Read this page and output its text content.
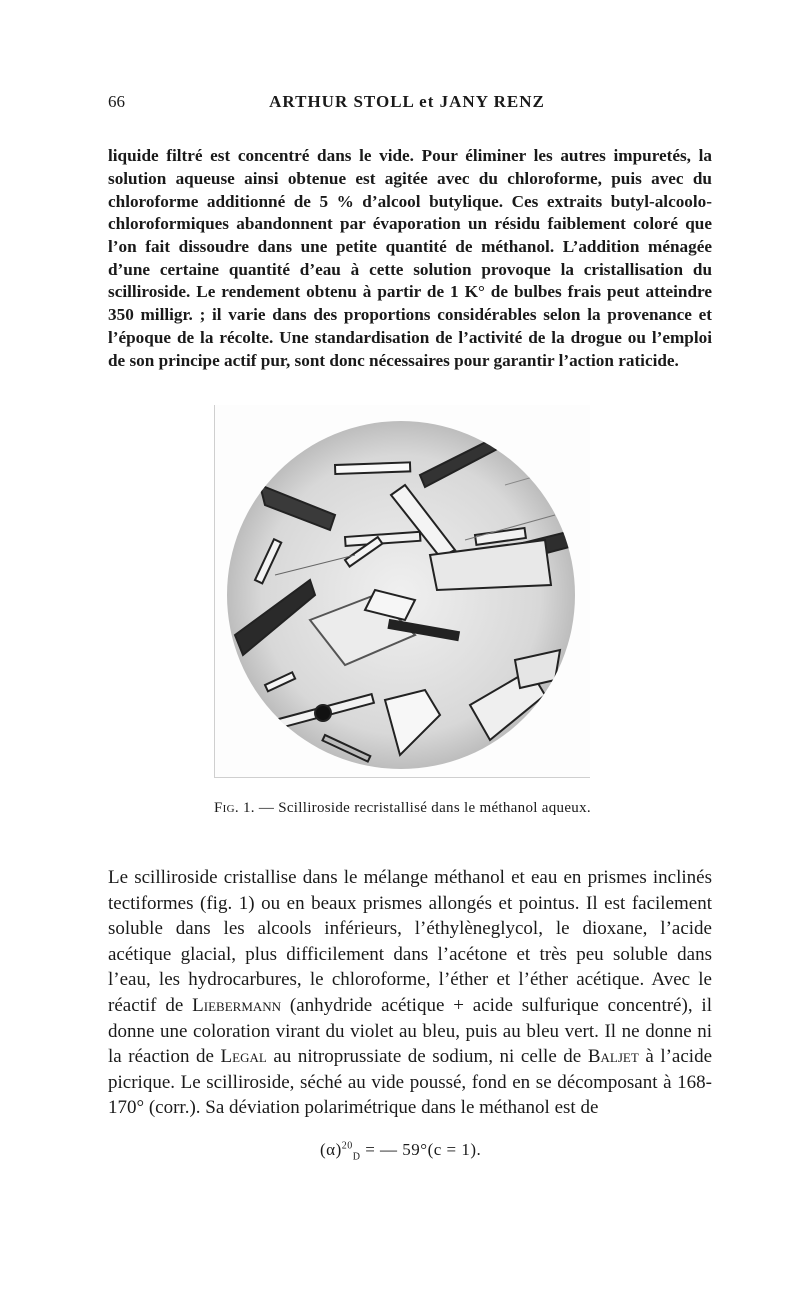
66	ARTHUR STOLL et JANY RENZ

liquide filtré est concentré dans le vide. Pour éliminer les autres impuretés, la solution aqueuse ainsi obtenue est agitée avec du chloroforme, puis avec du chloroforme additionné de 5 % d’alcool butylique. Ces extraits butyl-alcoolo-chloroformiques abandonnent par évaporation un résidu faiblement coloré que l’on fait dissoudre dans une petite quantité de méthanol. L’addition ménagée d’une certaine quantité d’eau à cette solution provoque la cristallisation du scilliroside. Le rendement obtenu à partir de 1 K° de bulbes frais peut atteindre 350 milligr. ; il varie dans des proportions considérables selon la provenance et l’époque de la récolte. Une standardisation de l’activité de la drogue ou l’emploi de son principe actif pur, sont donc nécessaires pour garantir l’action raticide.

Fig. 1. — Scilliroside recristallisé dans le méthanol aqueux.

Le scilliroside cristallise dans le mélange méthanol et eau en prismes inclinés tectiformes (fig. 1) ou en beaux prismes allongés et pointus. Il est facilement soluble dans les alcools inférieurs, l’éthylèneglycol, le dioxane, l’acide acétique glacial, plus difficilement dans l’acétone et très peu soluble dans l’eau, les hydrocarbures, le chloroforme, l’éther et l’éther acétique. Avec le réactif de Liebermann (anhydride acétique + acide sulfurique concentré), il donne une coloration virant du violet au bleu, puis au bleu vert. Il ne donne ni la réaction de Legal au nitroprussiate de sodium, ni celle de Baljet à l’acide picrique. Le scilliroside, séché au vide poussé, fond en se décomposant à 168-170° (corr.). Sa déviation polarimétrique dans le méthanol est de

$(\alpha)^{20}_D$ = — 59°(c = 1).
